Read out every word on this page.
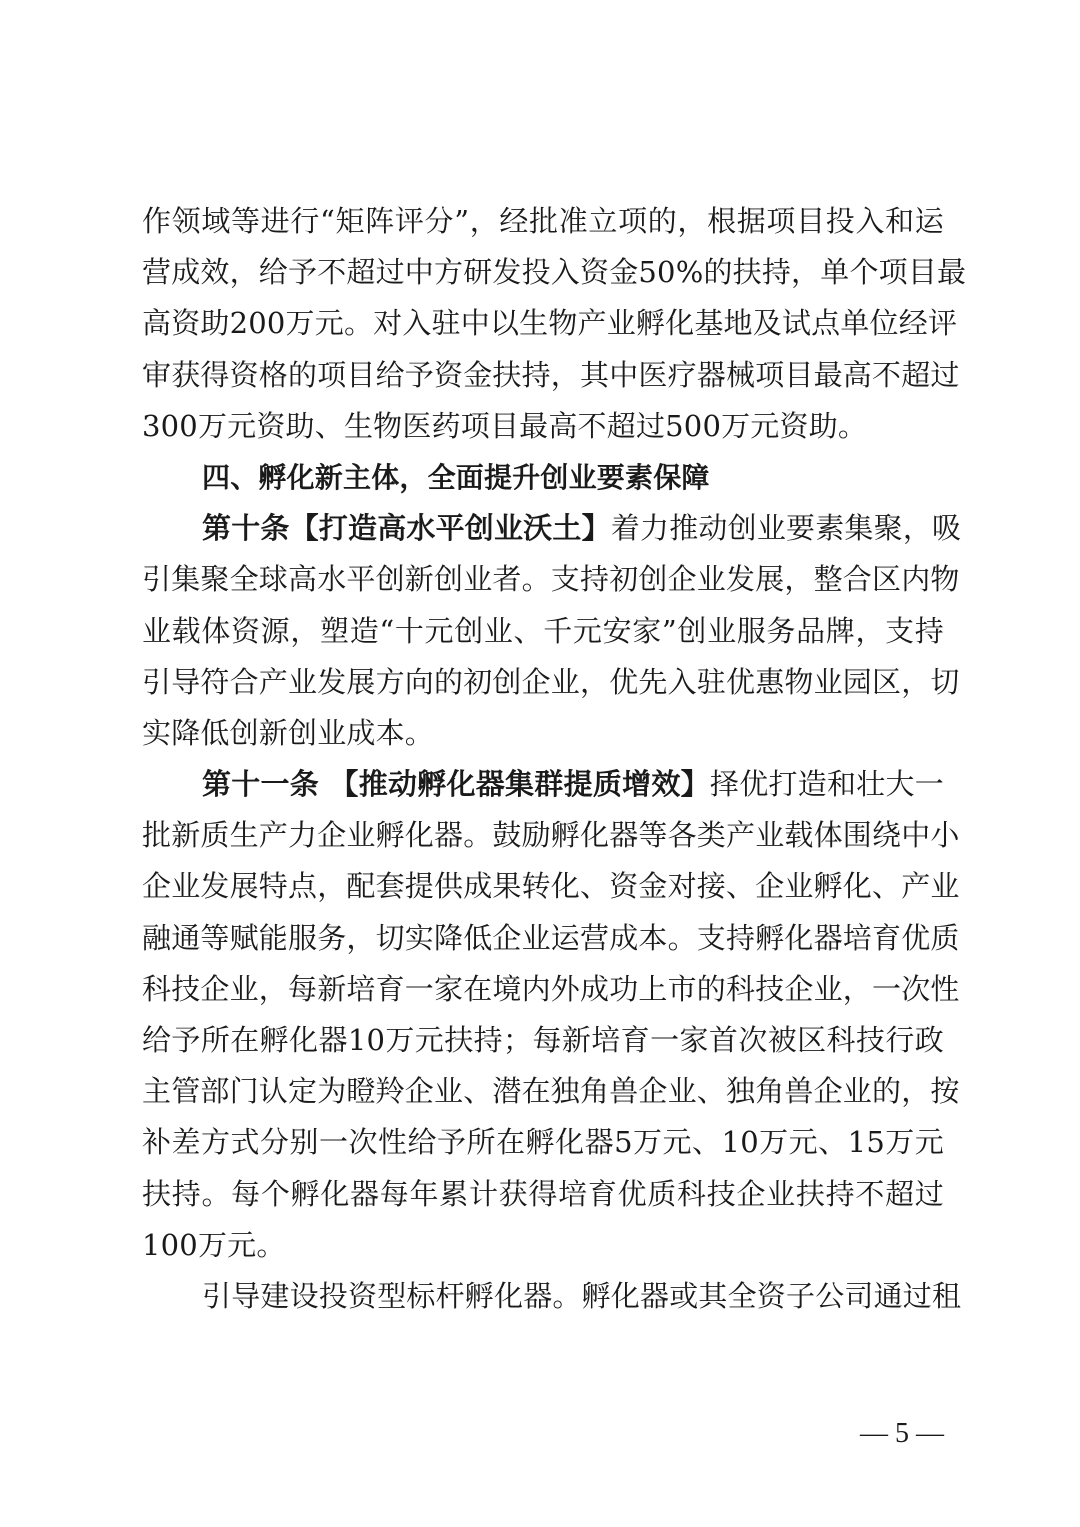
作领域等进行“矩阵评分”，经批准立项的，根据项目投入和运
营成效，给予不超过中方研发投入资金50%的扶持，单个项目最
高资助200万元。对入驻中以生物产业孵化基地及试点单位经评
审获得资格的项目给予资金扶持，其中医疗器械项目最高不超过
300万元资助、生物医药项目最高不超过500万元资助。
四、孵化新主体，全面提升创业要素保障
第十条【打造高水平创业沃土】着力推动创业要素集聚，吸
引集聚全球高水平创新创业者。支持初创企业发展，整合区内物
业载体资源，塑造“十元创业、千元安家”创业服务品牌，支持
引导符合产业发展方向的初创企业，优先入驻优惠物业园区，切
实降低创新创业成本。
第十一条 【推动孵化器集群提质增效】择优打造和壮大一
批新质生产力企业孵化器。鼓励孵化器等各类产业载体围绕中小
企业发展特点，配套提供成果转化、资金对接、企业孵化、产业
融通等赋能服务，切实降低企业运营成本。支持孵化器培育优质
科技企业，每新培育一家在境内外成功上市的科技企业，一次性
给予所在孵化器10万元扶持；每新培育一家首次被区科技行政
主管部门认定为瞪羚企业、潜在独角兽企业、独角兽企业的，按
补差方式分别一次性给予所在孵化器5万元、10万元、15万元
扶持。每个孵化器每年累计获得培育优质科技企业扶持不超过
100万元。
引导建设投资型标杆孵化器。孵化器或其全资子公司通过租
— 5 —
